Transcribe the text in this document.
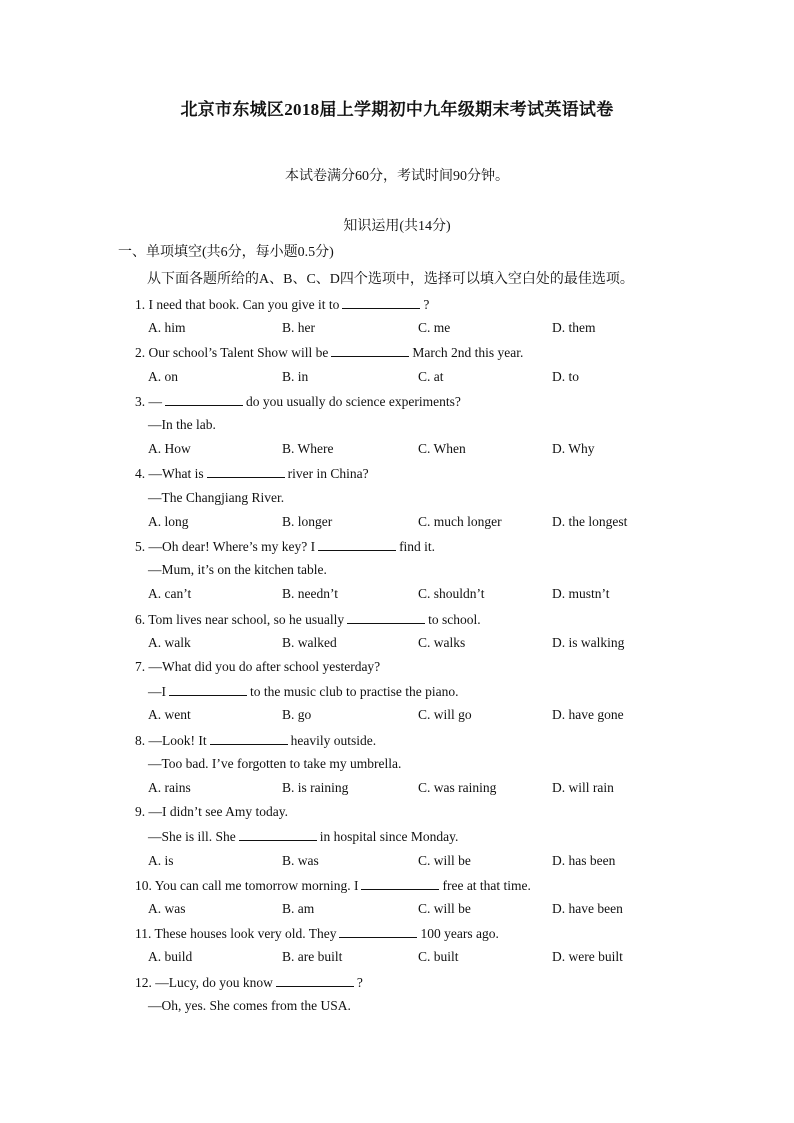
北京市东城区2018届上学期初中九年级期末考试英语试卷
本试卷满分60分，考试时间90分钟。
知识运用(共14分)
一、单项填空(共6分，每小题0.5分)
从下面各题所给的A、B、C、D四个选项中，选择可以填入空白处的最佳选项。
1. I need that book. Can you give it to	?
A. him	B. her	C. me	D. them
2. Our school’s Talent Show will be	March 2nd this year.
A. on	B. in	C. at	D. to
3. —	do you usually do science experiments?
—In the lab.
A. How	B. Where	C. When	D. Why
4. —What is	river in China?
—The Changjiang River.
A. long	B. longer	C. much longer	D. the longest
5. —Oh dear! Where’s my key? I	find it.
—Mum, it’s on the kitchen table.
A. can’t	B. needn’t	C. shouldn’t	D. mustn’t
6. Tom lives near school, so he usually	to school.
A. walk	B. walked	C. walks	D. is walking
7. —What did you do after school yesterday?
—I	to the music club to practise the piano.
A. went	B. go	C. will go	D. have gone
8. —Look! It	heavily outside.
—Too bad. I’ve forgotten to take my umbrella.
A. rains	B. is raining	C. was raining	D. will rain
9. —I didn’t see Amy today.
—She is ill. She	in hospital since Monday.
A. is	B. was	C. will be	D. has been
10. You can call me tomorrow morning. I	free at that time.
A. was	B. am	C. will be	D. have been
11. These houses look very old. They	100 years ago.
A. build	B. are built	C. built	D. were built
12. —Lucy, do you know	?
—Oh, yes. She comes from the USA.
